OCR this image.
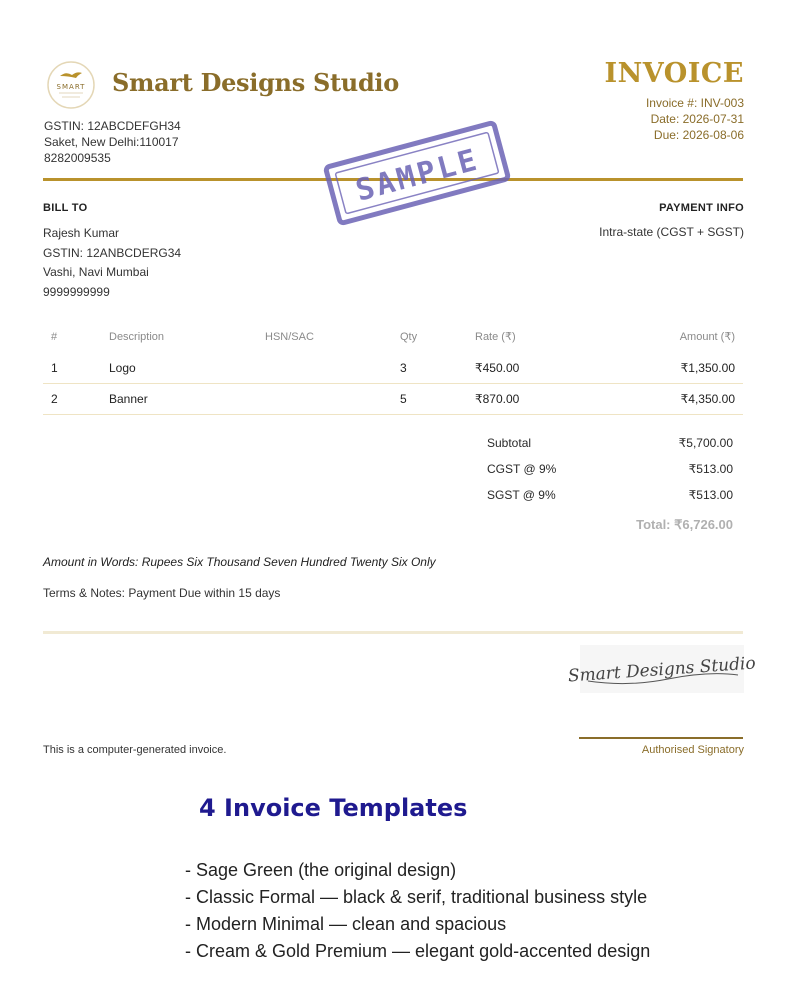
SMART Smart Designs Studio
GSTIN: 12ABCDEFGH34
Saket, New Delhi:110017
8282009535
INVOICE
Invoice #: INV-003
Date: 2026-07-31
Due: 2026-08-06
SAMPLE
BILL TO	PAYMENT INFO
Rajesh Kumar
GSTIN: 12ANBCDERG34
Vashi, Navi Mumbai
9999999999
Intra-state (CGST + SGST)
#	Description	HSN/SAC	Qty	Rate (₹)	Amount (₹)
1	Logo		3	₹450.00	₹1,350.00
2	Banner		5	₹870.00	₹4,350.00
Subtotal	₹5,700.00
CGST @ 9%	₹513.00
SGST @ 9%	₹513.00
Total: ₹6,726.00
Amount in Words: Rupees Six Thousand Seven Hundred Twenty Six Only
Terms & Notes: Payment Due within 15 days
Smart Designs Studio
Authorised Signatory
This is a computer-generated invoice.
4 Invoice Templates
- Sage Green (the original design)
- Classic Formal — black & serif, traditional business style
- Modern Minimal — clean and spacious
- Cream & Gold Premium — elegant gold-accented design
